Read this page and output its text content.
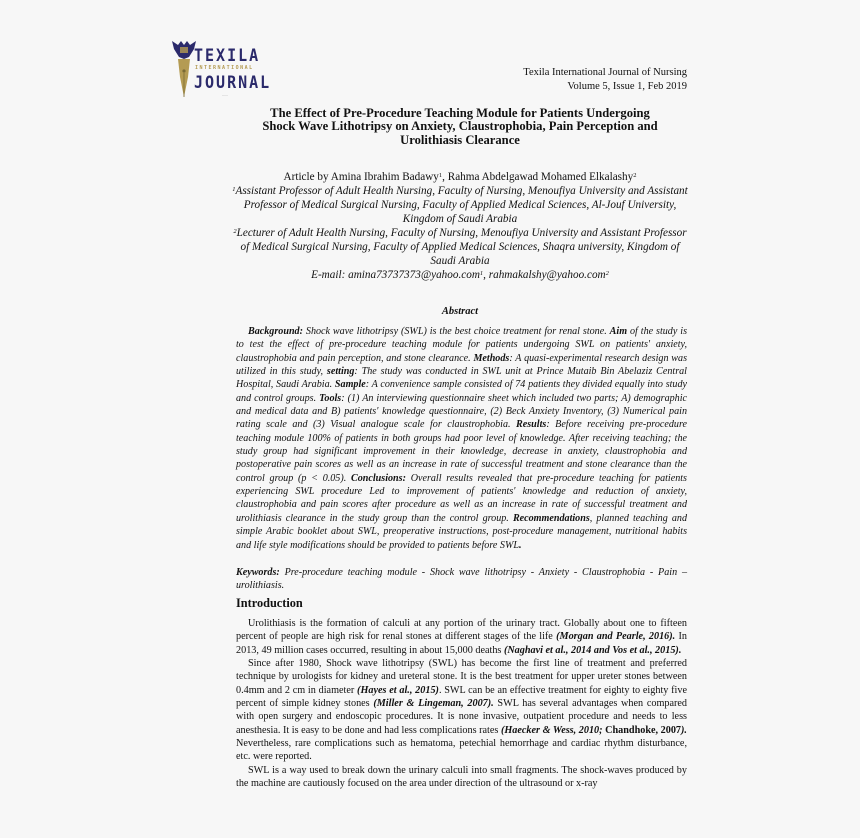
TEXILA
INTERNATIONAL
JOURNAL
......
Texila International Journal of Nursing
Volume 5, Issue 1, Feb 2019
The Effect of Pre-Procedure Teaching Module for Patients Undergoing
Shock Wave Lithotripsy on Anxiety, Claustrophobia, Pain Perception and
Urolithiasis Clearance
Article by Amina Ibrahim Badawy$^1$, Rahma Abdelgawad Mohamed Elkalashy$^2$
$^1$Assistant Professor of Adult Health Nursing, Faculty of Nursing, Menoufiya University and Assistant Professor of Medical Surgical Nursing, Faculty of Applied Medical Sciences, Al-Jouf University, Kingdom of Saudi Arabia
$^2$Lecturer of Adult Health Nursing, Faculty of Nursing, Menoufiya University and Assistant Professor of Medical Surgical Nursing, Faculty of Applied Medical Sciences, Shaqra university, Kingdom of Saudi Arabia
E-mail: amina73737373@yahoo.com$^1$, rahmakalshy@yahoo.com$^2$
Abstract
Background: Shock wave lithotripsy (SWL) is the best choice treatment for renal stone. Aim of the study is to test the effect of pre-procedure teaching module for patients undergoing SWL on patients' anxiety, claustrophobia and pain perception, and stone clearance. Methods: A quasi-experimental research design was utilized in this study, setting: The study was conducted in SWL unit at Prince Mutaib Bin Abelaziz Central Hospital, Saudi Arabia. Sample: A convenience sample consisted of 74 patients they divided equally into study and control groups. Tools: (1) An interviewing questionnaire sheet which included two parts; A) demographic and medical data and B) patients' knowledge questionnaire, (2) Beck Anxiety Inventory, (3) Numerical pain rating scale and (3) Visual analogue scale for claustrophobia. Results: Before receiving pre-procedure teaching module 100% of patients in both groups had poor level of knowledge. After receiving teaching; the study group had significant improvement in their knowledge, decrease in anxiety, claustrophobia and postoperative pain scores as well as an increase in rate of successful treatment and stone clearance than the control group (p < 0.05). Conclusions: Overall results revealed that pre-procedure teaching for patients experiencing SWL procedure Led to improvement of patients' knowledge and reduction of anxiety, claustrophobia and pain scores after procedure as well as an increase in rate of successful treatment and urolithiasis clearance in the study group than the control group. Recommendations, planned teaching and simple Arabic booklet about SWL, preoperative instructions, post-procedure management, nutritional habits and life style modifications should be provided to patients before SWL.
Keywords: Pre-procedure teaching module - Shock wave lithotripsy - Anxiety - Claustrophobia - Pain – urolithiasis.
Introduction

Urolithiasis is the formation of calculi at any portion of the urinary tract. Globally about one to fifteen percent of people are high risk for renal stones at different stages of the life (Morgan and Pearle, 2016). In 2013, 49 million cases occurred, resulting in about 15,000 deaths (Naghavi et al., 2014 and Vos et al., 2015).

Since after 1980, Shock wave lithotripsy (SWL) has become the first line of treatment and preferred technique by urologists for kidney and ureteral stone. It is the best treatment for upper ureter stones between 0.4mm and 2 cm in diameter (Hayes et al., 2015). SWL can be an effective treatment for eighty to eighty five percent of simple kidney stones (Miller & Lingeman, 2007). SWL has several advantages when compared with open surgery and endoscopic procedures. It is none invasive, outpatient procedure and needs to less anesthesia. It is easy to be done and had less complications rates (Haecker & Wess, 2010; Chandhoke, 2007). Nevertheless, rare complications such as hematoma, petechial hemorrhage and cardiac rhythm disturbance, etc. were reported.

SWL is a way used to break down the urinary calculi into small fragments. The shock-waves produced by the machine are cautiously focused on the area under direction of the ultrasound or x-ray
